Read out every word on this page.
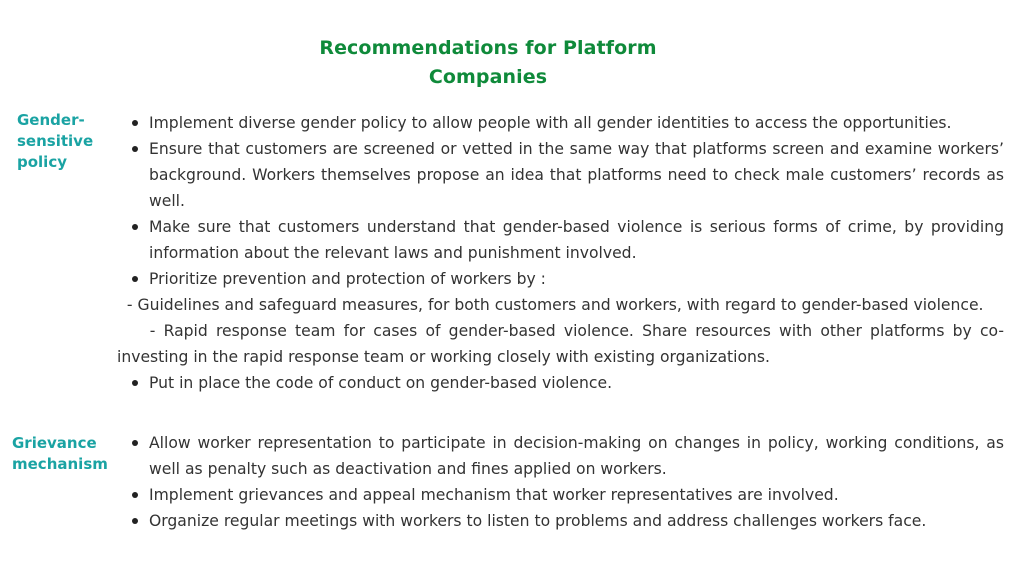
Recommendations for Platform
Companies
Gender-
sensitive
policy
Implement diverse gender policy to allow people with all gender identities to access the opportunities.
Ensure that customers are screened or vetted in the same way that platforms screen and examine workers’ background. Workers themselves propose an idea that platforms need to check male customers’ records as well.
Make sure that customers understand that gender-based violence is serious forms of crime, by providing information about the relevant laws and punishment involved.
Prioritize prevention and protection of workers by :
- Guidelines and safeguard measures, for both customers and workers, with regard to gender-based violence.
- Rapid response team for cases of gender-based violence. Share resources with other platforms by co-investing in the rapid response team or working closely with existing organizations.
Put in place the code of conduct on gender-based violence.
Grievance
mechanism
Allow worker representation to participate in decision-making on changes in policy, working conditions, as well as penalty such as deactivation and fines applied on workers.
Implement grievances and appeal mechanism that worker representatives are involved.
Organize regular meetings with workers to listen to problems and address challenges workers face.
